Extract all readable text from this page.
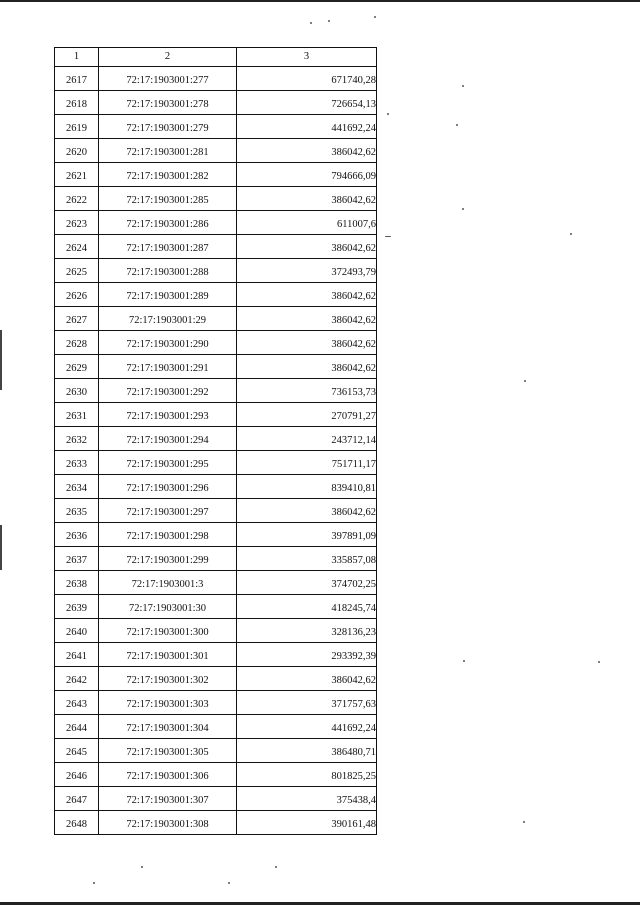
1	2	3
2617	72:17:1903001:277	671740,28
2618	72:17:1903001:278	726654,13
2619	72:17:1903001:279	441692,24
2620	72:17:1903001:281	386042,62
2621	72:17:1903001:282	794666,09
2622	72:17:1903001:285	386042,62
2623	72:17:1903001:286	611007,6
2624	72:17:1903001:287	386042,62
2625	72:17:1903001:288	372493,79
2626	72:17:1903001:289	386042,62
2627	72:17:1903001:29	386042,62
2628	72:17:1903001:290	386042,62
2629	72:17:1903001:291	386042,62
2630	72:17:1903001:292	736153,73
2631	72:17:1903001:293	270791,27
2632	72:17:1903001:294	243712,14
2633	72:17:1903001:295	751711,17
2634	72:17:1903001:296	839410,81
2635	72:17:1903001:297	386042,62
2636	72:17:1903001:298	397891,09
2637	72:17:1903001:299	335857,08
2638	72:17:1903001:3	374702,25
2639	72:17:1903001:30	418245,74
2640	72:17:1903001:300	328136,23
2641	72:17:1903001:301	293392,39
2642	72:17:1903001:302	386042,62
2643	72:17:1903001:303	371757,63
2644	72:17:1903001:304	441692,24
2645	72:17:1903001:305	386480,71
2646	72:17:1903001:306	801825,25
2647	72:17:1903001:307	375438,4
2648	72:17:1903001:308	390161,48
